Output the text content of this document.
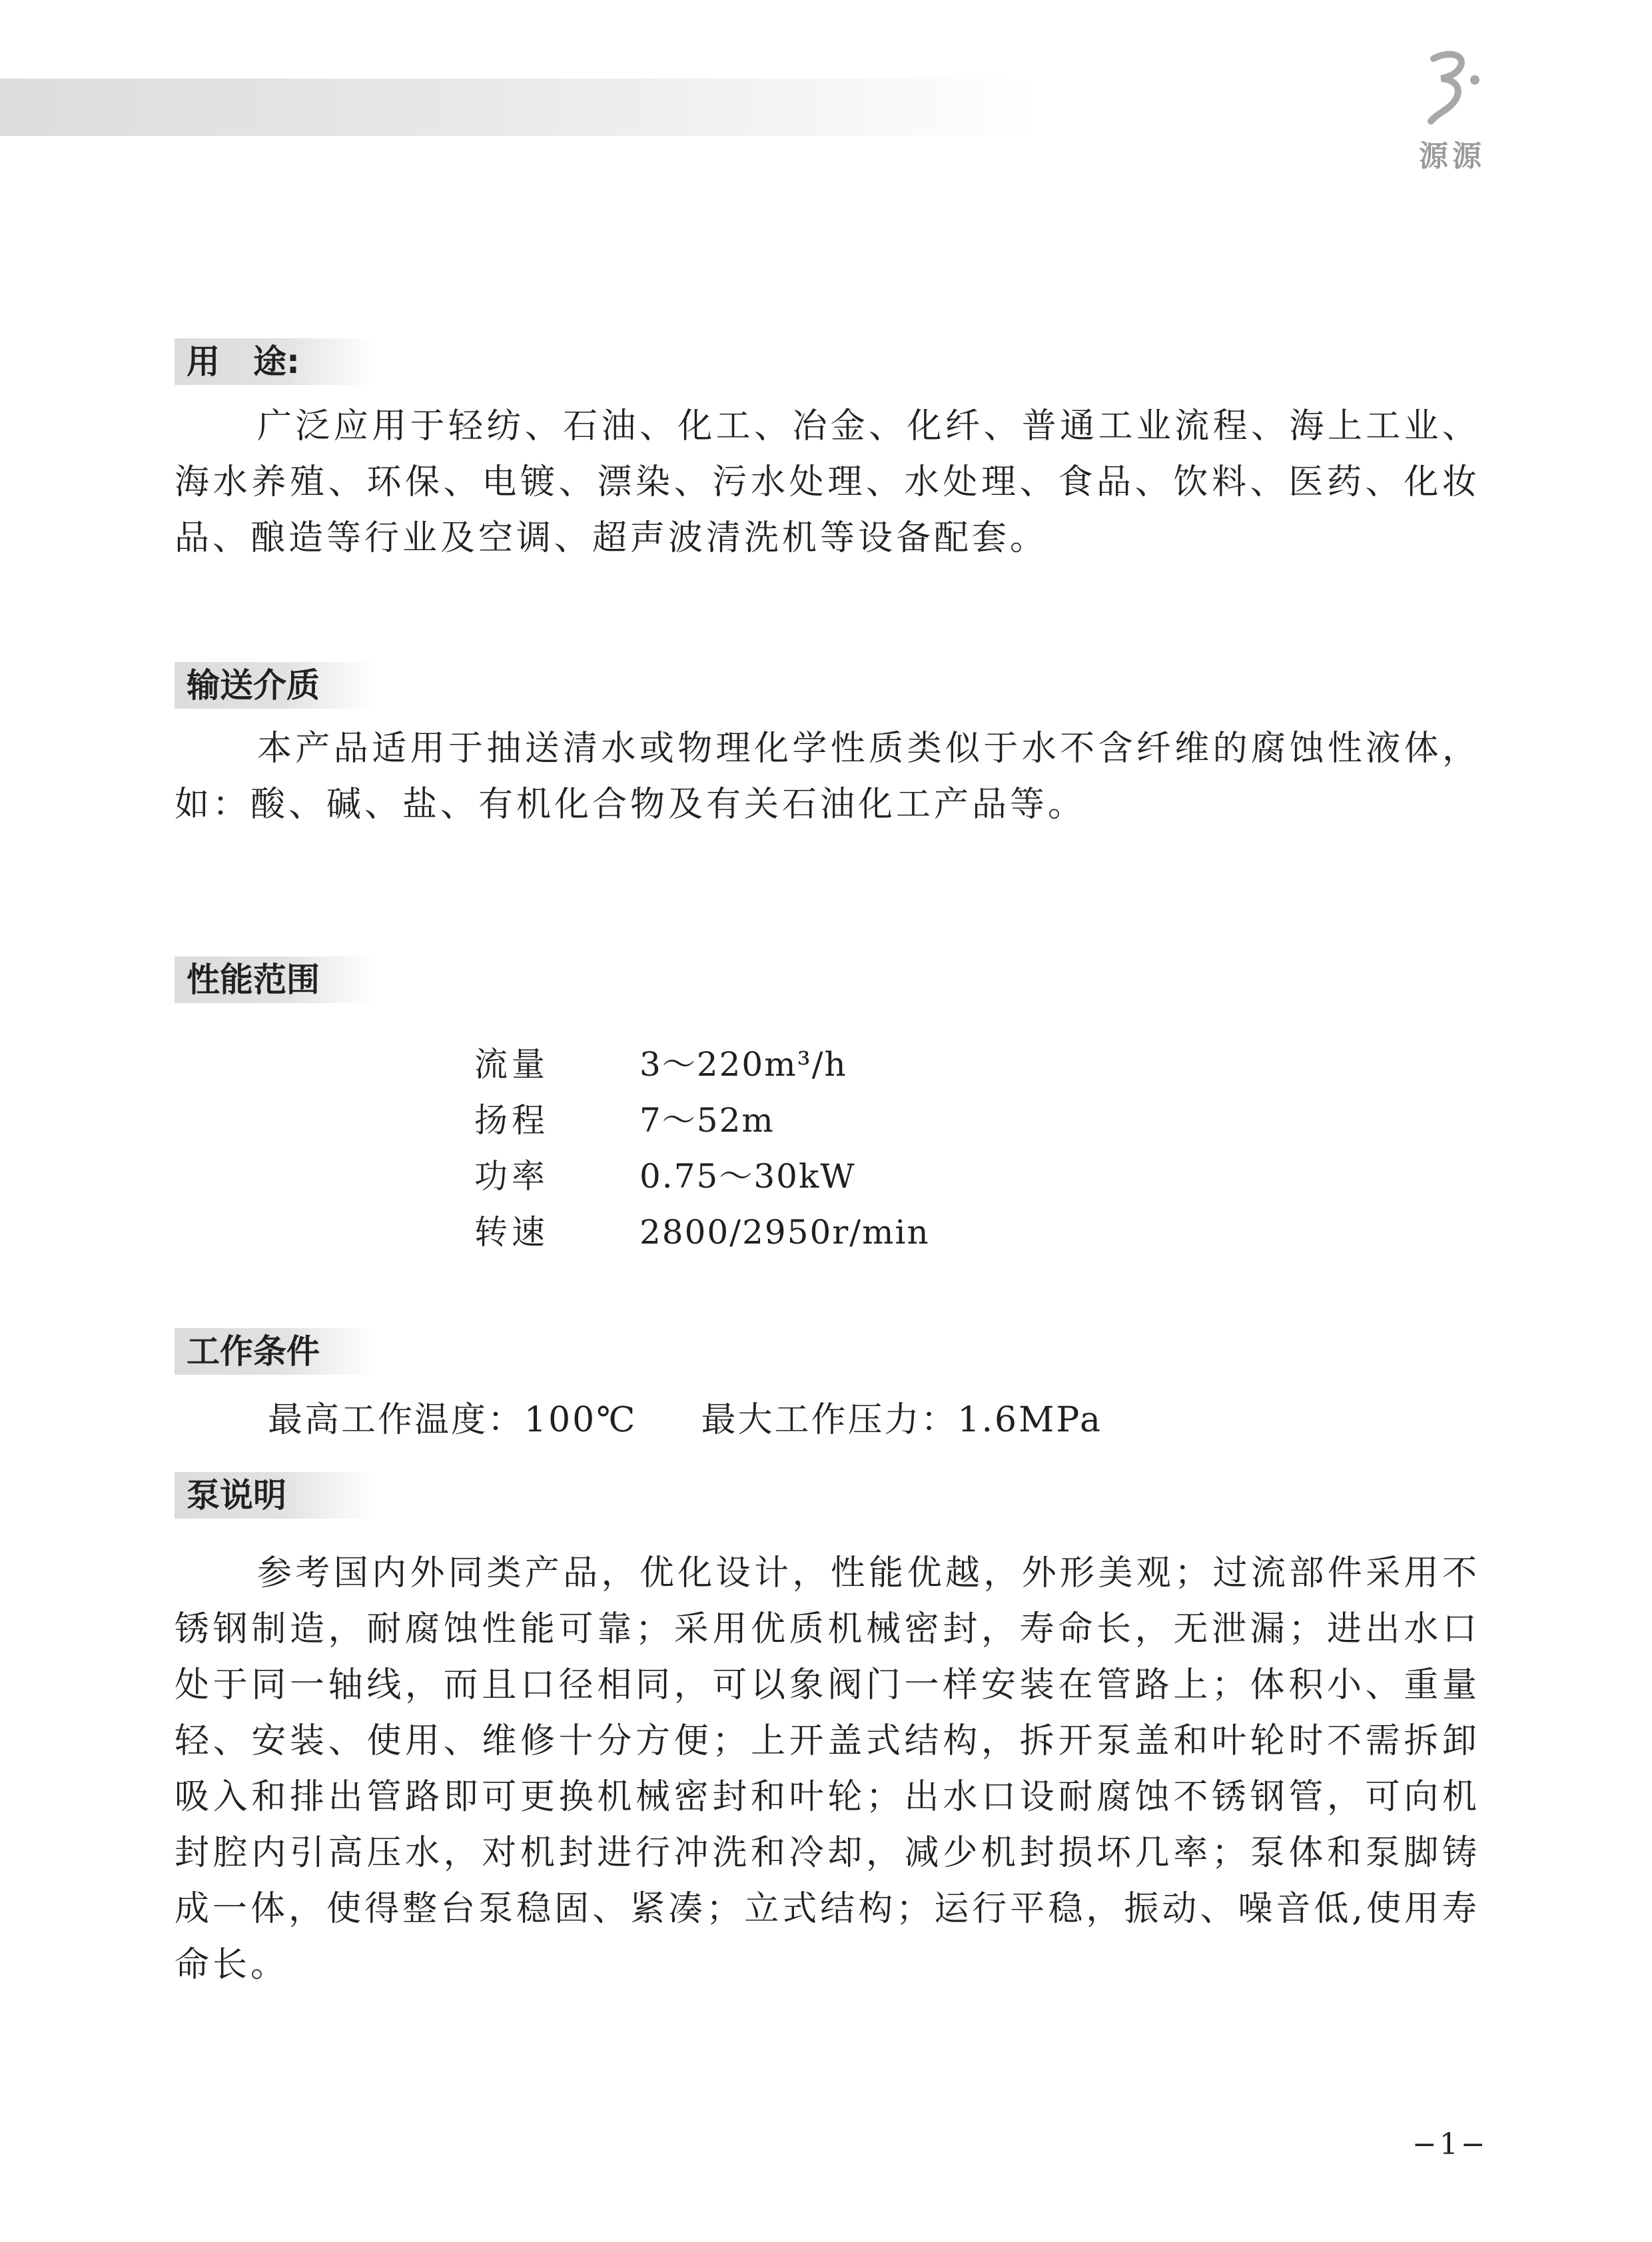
源源
用　途:

广泛应用于轻纺、石油、化工、冶金、化纤、普通工业流程、海上工业、海水养殖、环保、电镀、漂染、污水处理、水处理、食品、饮料、医药、化妆品、酿造等行业及空调、超声波清洗机等设备配套。

输送介质

本产品适用于抽送清水或物理化学性质类似于水不含纤维的腐蚀性液体，如：酸、碱、盐、有机化合物及有关石油化工产品等。

性能范围
流量	3～220m³/h
扬程	7～52m
功率	0.75～30kW
转速	2800/2950r/min
工作条件
最高工作温度：100℃ 最大工作压力：1.6MPa
泵说明

参考国内外同类产品，优化设计，性能优越，外形美观；过流部件采用不锈钢制造，耐腐蚀性能可靠；采用优质机械密封，寿命长，无泄漏；进出水口处于同一轴线，而且口径相同，可以象阀门一样安装在管路上；体积小、重量轻、安装、使用、维修十分方便；上开盖式结构，拆开泵盖和叶轮时不需拆卸吸入和排出管路即可更换机械密封和叶轮；出水口设耐腐蚀不锈钢管，可向机封腔内引高压水，对机封进行冲洗和冷却，减少机封损坏几率；泵体和泵脚铸成一体，使得整台泵稳固、紧凑；立式结构；运行平稳，振动、噪音低,使用寿命长。

−1−
